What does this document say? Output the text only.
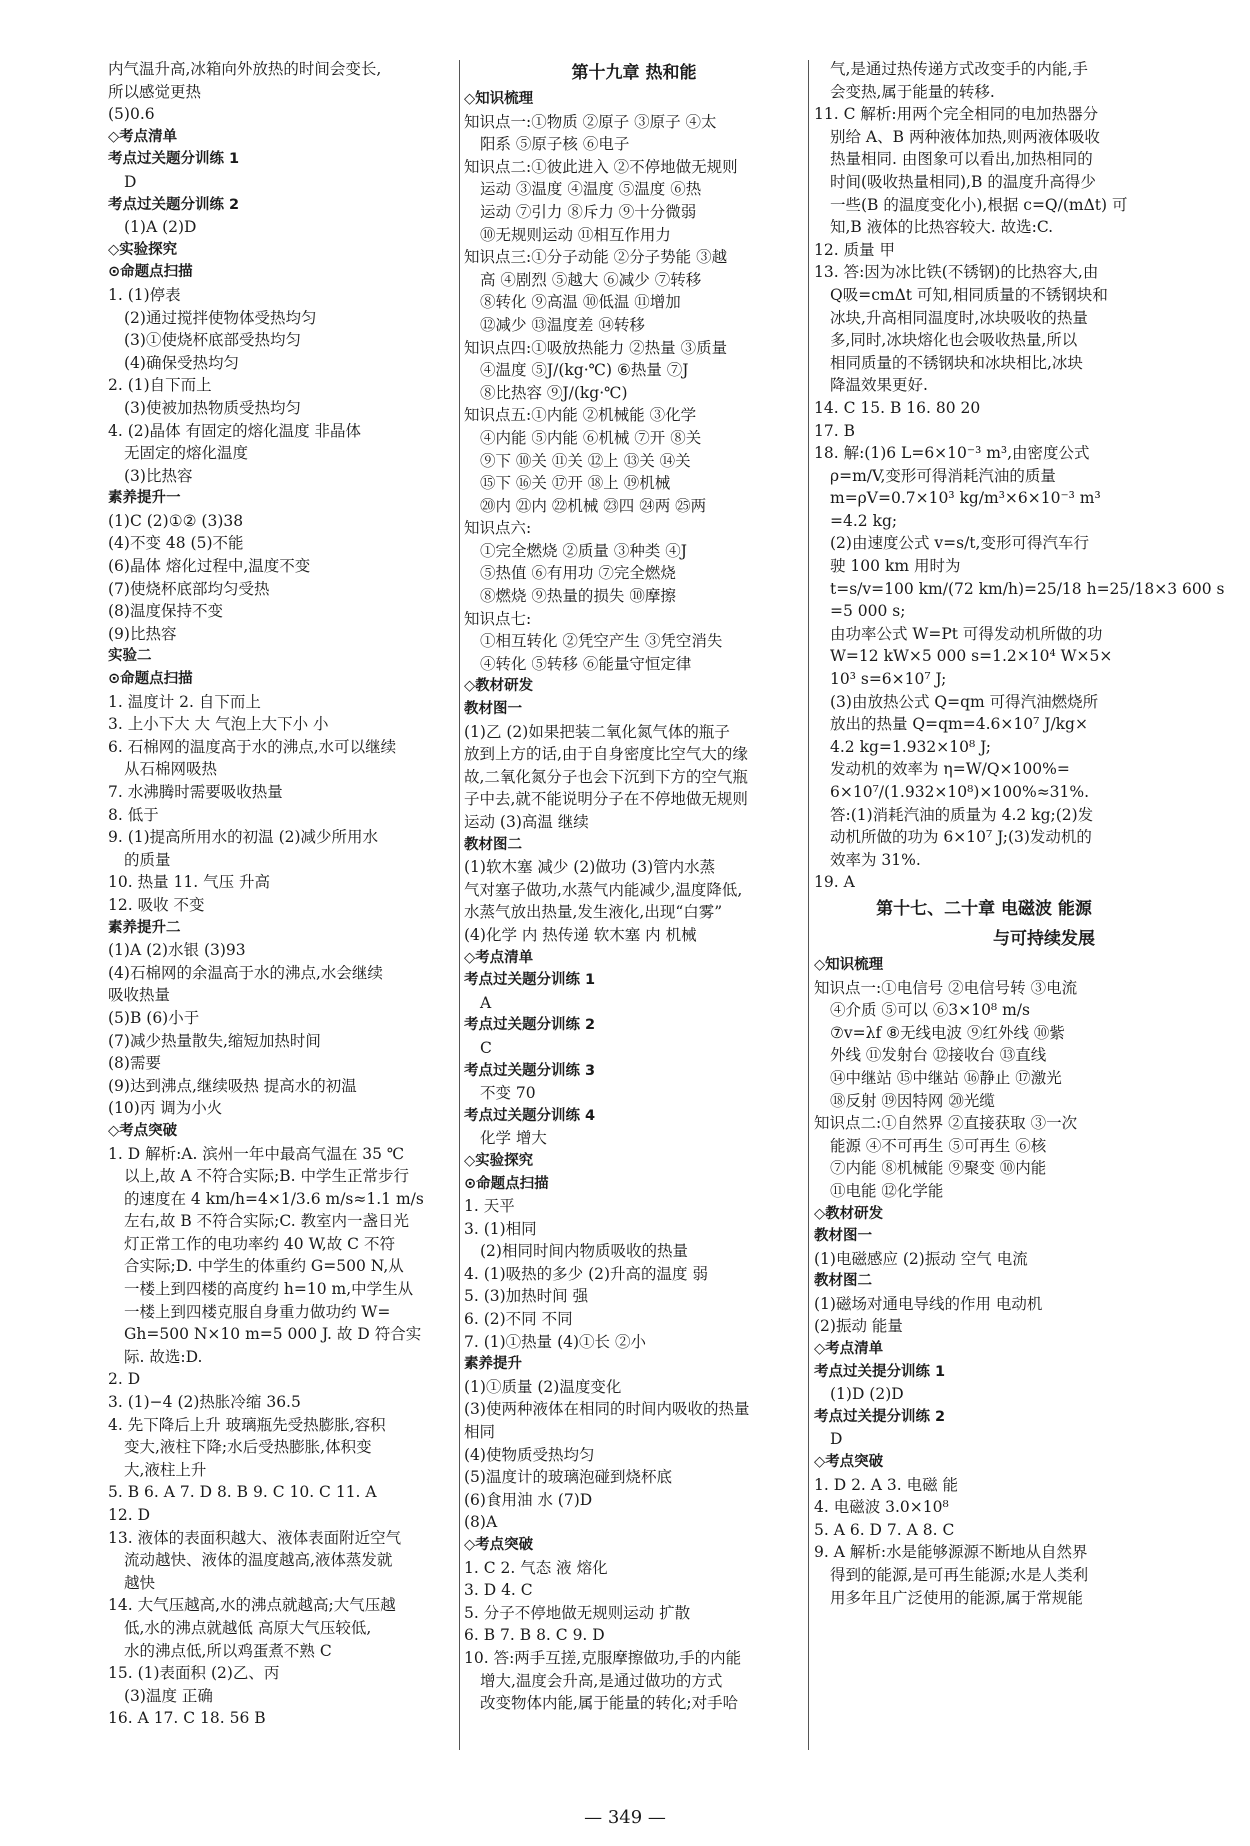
内气温升高,冰箱向外放热的时间会变长,
所以感觉更热
(5)0.6
◇考点清单
考点过关题分训练 1
D
考点过关题分训练 2
(1)A (2)D
◇实验探究
⊙命题点扫描
1. (1)停表
(2)通过搅拌使物体受热均匀
(3)①使烧杯底部受热均匀
(4)确保受热均匀
2. (1)自下而上
(3)使被加热物质受热均匀
4. (2)晶体 有固定的熔化温度 非晶体
无固定的熔化温度
(3)比热容
素养提升一
(1)C (2)①② (3)38
(4)不变 48 (5)不能
(6)晶体 熔化过程中,温度不变
(7)使烧杯底部均匀受热
(8)温度保持不变
(9)比热容
实验二
⊙命题点扫描
1. 温度计 2. 自下而上
3. 上小下大 大 气泡上大下小 小
6. 石棉网的温度高于水的沸点,水可以继续
从石棉网吸热
7. 水沸腾时需要吸收热量
8. 低于
9. (1)提高所用水的初温 (2)减少所用水
的质量
10. 热量 11. 气压 升高
12. 吸收 不变
素养提升二
(1)A (2)水银 (3)93
(4)石棉网的余温高于水的沸点,水会继续
吸收热量
(5)B (6)小于
(7)减少热量散失,缩短加热时间
(8)需要
(9)达到沸点,继续吸热 提高水的初温
(10)丙 调为小火
◇考点突破
1. D 解析:A. 滨州一年中最高气温在 35 ℃
以上,故 A 不符合实际;B. 中学生正常步行
的速度在 4 km/h=4×1/3.6 m/s≈1.1 m/s
左右,故 B 不符合实际;C. 教室内一盏日光
灯正常工作的电功率约 40 W,故 C 不符
合实际;D. 中学生的体重约 G=500 N,从
一楼上到四楼的高度约 h=10 m,中学生从
一楼上到四楼克服自身重力做功约 W=
Gh=500 N×10 m=5 000 J. 故 D 符合实
际. 故选:D.
2. D
3. (1)−4 (2)热胀冷缩 36.5
4. 先下降后上升 玻璃瓶先受热膨胀,容积
变大,液柱下降;水后受热膨胀,体积变
大,液柱上升
5. B 6. A 7. D 8. B 9. C 10. C 11. A
12. D
13. 液体的表面积越大、液体表面附近空气
流动越快、液体的温度越高,液体蒸发就
越快
14. 大气压越高,水的沸点就越高;大气压越
低,水的沸点就越低 高原大气压较低,
水的沸点低,所以鸡蛋煮不熟 C
15. (1)表面积 (2)乙、丙
(3)温度 正确
16. A 17. C 18. 56 B
第十九章 热和能
◇知识梳理
知识点一:①物质 ②原子 ③原子 ④太
阳系 ⑤原子核 ⑥电子
知识点二:①彼此进入 ②不停地做无规则
运动 ③温度 ④温度 ⑤温度 ⑥热
运动 ⑦引力 ⑧斥力 ⑨十分微弱
⑩无规则运动 ⑪相互作用力
知识点三:①分子动能 ②分子势能 ③越
高 ④剧烈 ⑤越大 ⑥减少 ⑦转移
⑧转化 ⑨高温 ⑩低温 ⑪增加
⑫减少 ⑬温度差 ⑭转移
知识点四:①吸放热能力 ②热量 ③质量
④温度 ⑤J/(kg·℃) ⑥热量 ⑦J
⑧比热容 ⑨J/(kg·℃)
知识点五:①内能 ②机械能 ③化学
④内能 ⑤内能 ⑥机械 ⑦开 ⑧关
⑨下 ⑩关 ⑪关 ⑫上 ⑬关 ⑭关
⑮下 ⑯关 ⑰开 ⑱上 ⑲机械
⑳内 ㉑内 ㉒机械 ㉓四 ㉔两 ㉕两
知识点六:
①完全燃烧 ②质量 ③种类 ④J
⑤热值 ⑥有用功 ⑦完全燃烧
⑧燃烧 ⑨热量的损失 ⑩摩擦
知识点七:
①相互转化 ②凭空产生 ③凭空消失
④转化 ⑤转移 ⑥能量守恒定律
◇教材研发
教材图一
(1)乙 (2)如果把装二氧化氮气体的瓶子
放到上方的话,由于自身密度比空气大的缘
故,二氧化氮分子也会下沉到下方的空气瓶
子中去,就不能说明分子在不停地做无规则
运动 (3)高温 继续
教材图二
(1)软木塞 减少 (2)做功 (3)管内水蒸
气对塞子做功,水蒸气内能减少,温度降低,
水蒸气放出热量,发生液化,出现“白雾”
(4)化学 内 热传递 软木塞 内 机械
◇考点清单
考点过关题分训练 1
A
考点过关题分训练 2
C
考点过关题分训练 3
不变 70
考点过关题分训练 4
化学 增大
◇实验探究
⊙命题点扫描
1. 天平
3. (1)相同
(2)相同时间内物质吸收的热量
4. (1)吸热的多少 (2)升高的温度 弱
5. (3)加热时间 强
6. (2)不同 不同
7. (1)①热量 (4)①长 ②小
素养提升
(1)①质量 (2)温度变化
(3)使两种液体在相同的时间内吸收的热量
相同
(4)使物质受热均匀
(5)温度计的玻璃泡碰到烧杯底
(6)食用油 水 (7)D
(8)A
◇考点突破
1. C 2. 气态 液 熔化
3. D 4. C
5. 分子不停地做无规则运动 扩散
6. B 7. B 8. C 9. D
10. 答:两手互搓,克服摩擦做功,手的内能
增大,温度会升高,是通过做功的方式
改变物体内能,属于能量的转化;对手哈
气,是通过热传递方式改变手的内能,手
会变热,属于能量的转移.
11. C 解析:用两个完全相同的电加热器分
别给 A、B 两种液体加热,则两液体吸收
热量相同. 由图象可以看出,加热相同的
时间(吸收热量相同),B 的温度升高得少
一些(B 的温度变化小),根据 c=Q/(mΔt) 可
知,B 液体的比热容较大. 故选:C.
12. 质量 甲
13. 答:因为冰比铁(不锈钢)的比热容大,由
Q吸=cmΔt 可知,相同质量的不锈钢块和
冰块,升高相同温度时,冰块吸收的热量
多,同时,冰块熔化也会吸收热量,所以
相同质量的不锈钢块和冰块相比,冰块
降温效果更好.
14. C 15. B 16. 80 20
17. B
18. 解:(1)6 L=6×10⁻³ m³,由密度公式
ρ=m/V,变形可得消耗汽油的质量
m=ρV=0.7×10³ kg/m³×6×10⁻³ m³
=4.2 kg;
(2)由速度公式 v=s/t,变形可得汽车行
驶 100 km 用时为
t=s/v=100 km/(72 km/h)=25/18 h=25/18×3 600 s
=5 000 s;
由功率公式 W=Pt 可得发动机所做的功
W=12 kW×5 000 s=1.2×10⁴ W×5×
10³ s=6×10⁷ J;
(3)由放热公式 Q=qm 可得汽油燃烧所
放出的热量 Q=qm=4.6×10⁷ J/kg×
4.2 kg=1.932×10⁸ J;
发动机的效率为 η=W/Q×100%=
6×10⁷/(1.932×10⁸)×100%≈31%.
答:(1)消耗汽油的质量为 4.2 kg;(2)发
动机所做的功为 6×10⁷ J;(3)发动机的
效率为 31%.
19. A
第十七、二十章 电磁波 能源
与可持续发展
◇知识梳理
知识点一:①电信号 ②电信号转 ③电流
④介质 ⑤可以 ⑥3×10⁸ m/s
⑦v=λf ⑧无线电波 ⑨红外线 ⑩紫
外线 ⑪发射台 ⑫接收台 ⑬直线
⑭中继站 ⑮中继站 ⑯静止 ⑰激光
⑱反射 ⑲因特网 ⑳光缆
知识点二:①自然界 ②直接获取 ③一次
能源 ④不可再生 ⑤可再生 ⑥核
⑦内能 ⑧机械能 ⑨聚变 ⑩内能
⑪电能 ⑫化学能
◇教材研发
教材图一
(1)电磁感应 (2)振动 空气 电流
教材图二
(1)磁场对通电导线的作用 电动机
(2)振动 能量
◇考点清单
考点过关提分训练 1
(1)D (2)D
考点过关提分训练 2
D
◇考点突破
1. D 2. A 3. 电磁 能
4. 电磁波 3.0×10⁸
5. A 6. D 7. A 8. C
9. A 解析:水是能够源源不断地从自然界
得到的能源,是可再生能源;水是人类利
用多年且广泛使用的能源,属于常规能
— 349 —
